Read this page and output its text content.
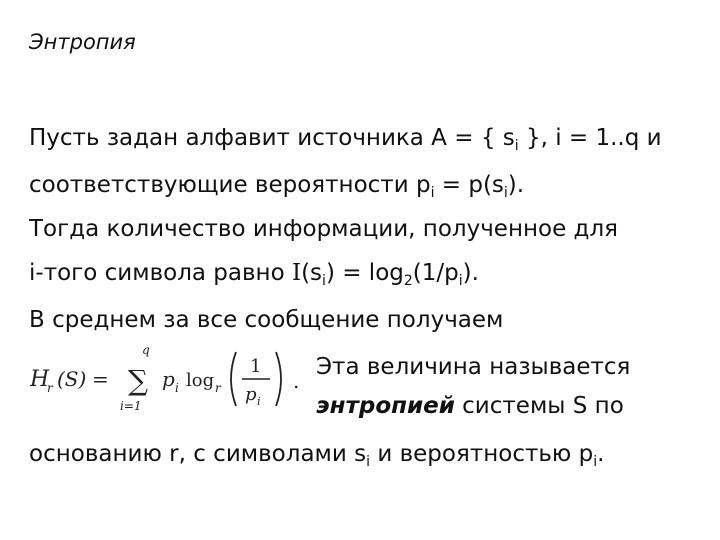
Энтропия
Пусть задан алфавит источника A = { $s_i$ }, i = 1..q и
соответствующие вероятности $p_i = p(s_i)$.
Тогда количество информации, полученное для
i-того символа равно $I(s_i) = \log_2(1/p_i)$.
В среднем за все сообщение получаем
H
r (S) =
q
∑
i=1
p i log r
1
p i
.
Эта величина называется
энтропией системы S по
основанию r, с символами $s_i$ и вероятностью $p_i$.
